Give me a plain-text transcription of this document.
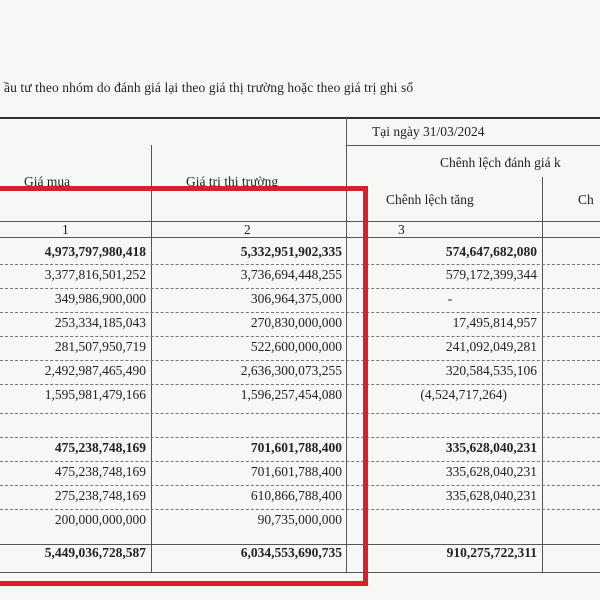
ầu tư theo nhóm do đánh giá lại theo giá thị trường hoặc theo giá trị ghi sổ
Tại ngày 31/03/2024
Chênh lệch đánh giá k
Giá mua	Giá trị thị trường
Chênh lệch tăng	Ch
1	2	3
4,973,797,980,418	5,332,951,902,335	574,647,682,080
3,377,816,501,252	3,736,694,448,255	579,172,399,344
349,986,900,000	306,964,375,000	-
253,334,185,043	270,830,000,000	17,495,814,957
281,507,950,719	522,600,000,000	241,092,049,281
2,492,987,465,490	2,636,300,073,255	320,584,535,106
1,595,981,479,166	1,596,257,454,080	(4,524,717,264)
475,238,748,169	701,601,788,400	335,628,040,231
475,238,748,169	701,601,788,400	335,628,040,231
275,238,748,169	610,866,788,400	335,628,040,231
200,000,000,000	90,735,000,000
5,449,036,728,587	6,034,553,690,735	910,275,722,311
